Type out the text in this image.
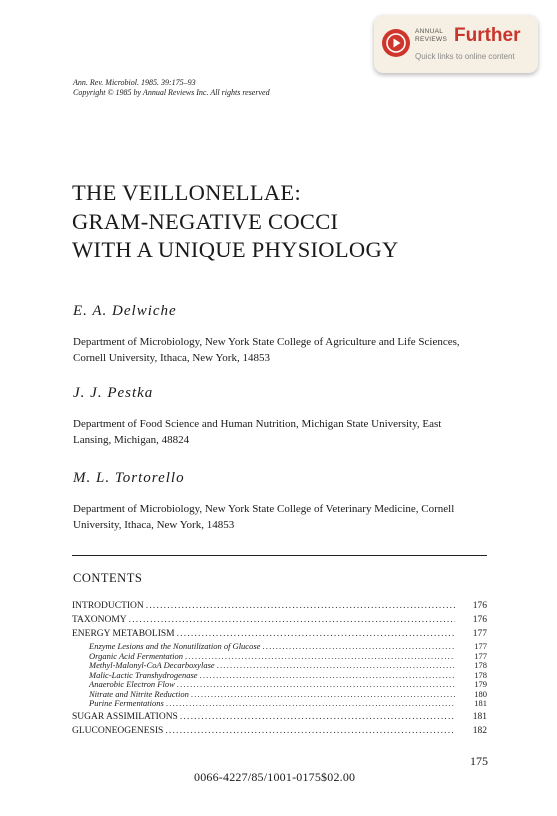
ANNUAL REVIEWS Further
Quick links to online content
Ann. Rev. Microbiol. 1985. 39:175–93
Copyright © 1985 by Annual Reviews Inc. All rights reserved
THE VEILLONELLAE:
GRAM-NEGATIVE COCCI
WITH A UNIQUE PHYSIOLOGY
E. A. Delwiche
Department of Microbiology, New York State College of Agriculture and Life Sciences,
Cornell University, Ithaca, New York, 14853
J. J. Pestka
Department of Food Science and Human Nutrition, Michigan State University, East
Lansing, Michigan, 48824
M. L. Tortorello
Department of Microbiology, New York State College of Veterinary Medicine, Cornell
University, Ithaca, New York, 14853
CONTENTS
INTRODUCTION .....	176
TAXONOMY .....	176
ENERGY METABOLISM .....	177
Enzyme Lesions and the Nonutilization of Glucose .....	177
Organic Acid Fermentation .....	177
Methyl-Malonyl-CoA Decarboxylase .....	178
Malic-Lactic Transhydrogenase .....	178
Anaerobic Electron Flow .....	179
Nitrate and Nitrite Reduction .....	180
Purine Fermentations .....	181
SUGAR ASSIMILATIONS .....	181
GLUCONEOGENESIS .....	182
175
0066-4227/85/1001-0175$02.00
